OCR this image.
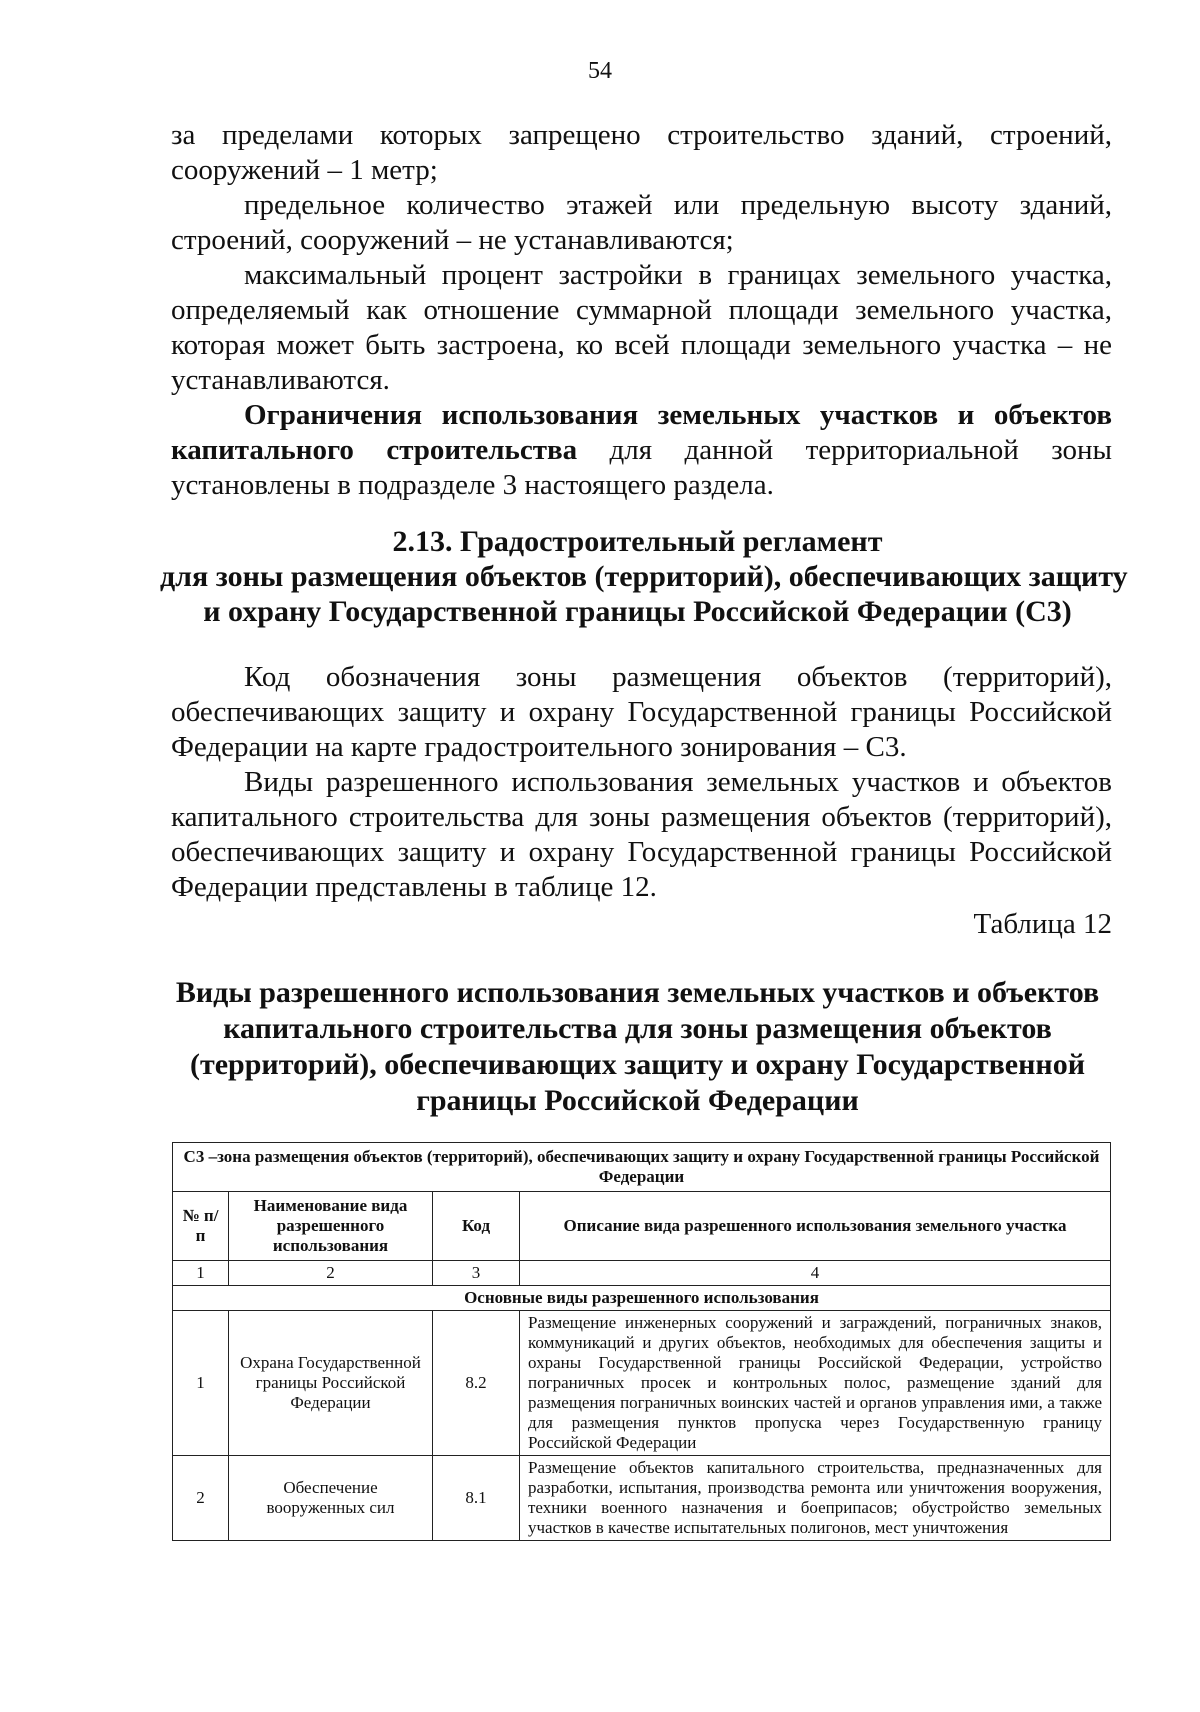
54

за пределами которых запрещено строительство зданий, строений, сооружений – 1 метр;

предельное количество этажей или предельную высоту зданий, строений, сооружений – не устанавливаются;

максимальный процент застройки в границах земельного участка, определяемый как отношение суммарной площади земельного участка, которая может быть застроена, ко всей площади земельного участка – не устанавливаются.

Ограничения использования земельных участков и объектов капитального строительства для данной территориальной зоны установлены в подразделе 3 настоящего раздела.

2.13. Градостроительный регламент
для зоны размещения объектов (территорий), обеспечивающих защиту
и охрану Государственной границы Российской Федерации (С3)

Код обозначения зоны размещения объектов (территорий), обеспечивающих защиту и охрану Государственной границы Российской Федерации на карте градостроительного зонирования – С3.

Виды разрешенного использования земельных участков и объектов капитального строительства для зоны размещения объектов (территорий), обеспечивающих защиту и охрану Государственной границы Российской Федерации представлены в таблице 12.

Таблица 12
Виды разрешенного использования земельных участков и объектов
капитального строительства для зоны размещения объектов
(территорий), обеспечивающих защиту и охрану Государственной
границы Российской Федерации
С3 –зона размещения объектов (территорий), обеспечивающих защиту и охрану Государственной границы Российской Федерации			
№ п/п	Наименование вида разрешенного использования	Код	Описание вида разрешенного использования земельного участка
1	2	3	4
Основные виды разрешенного использования			
1	Охрана Государственной границы Российской Федерации	8.2	Размещение инженерных сооружений и заграждений, пограничных знаков, коммуникаций и других объектов, необходимых для обеспечения защиты и охраны Государственной границы Российской Федерации, устройство пограничных просек и контрольных полос, размещение зданий для размещения пограничных воинских частей и органов управления ими, а также для размещения пунктов пропуска через Государственную границу Российской Федерации
2	Обеспечение вооруженных сил	8.1	Размещение объектов капитального строительства, предназначенных для разработки, испытания, производства ремонта или уничтожения вооружения, техники военного назначения и боеприпасов; обустройство земельных участков в качестве испытательных полигонов, мест уничтожения
